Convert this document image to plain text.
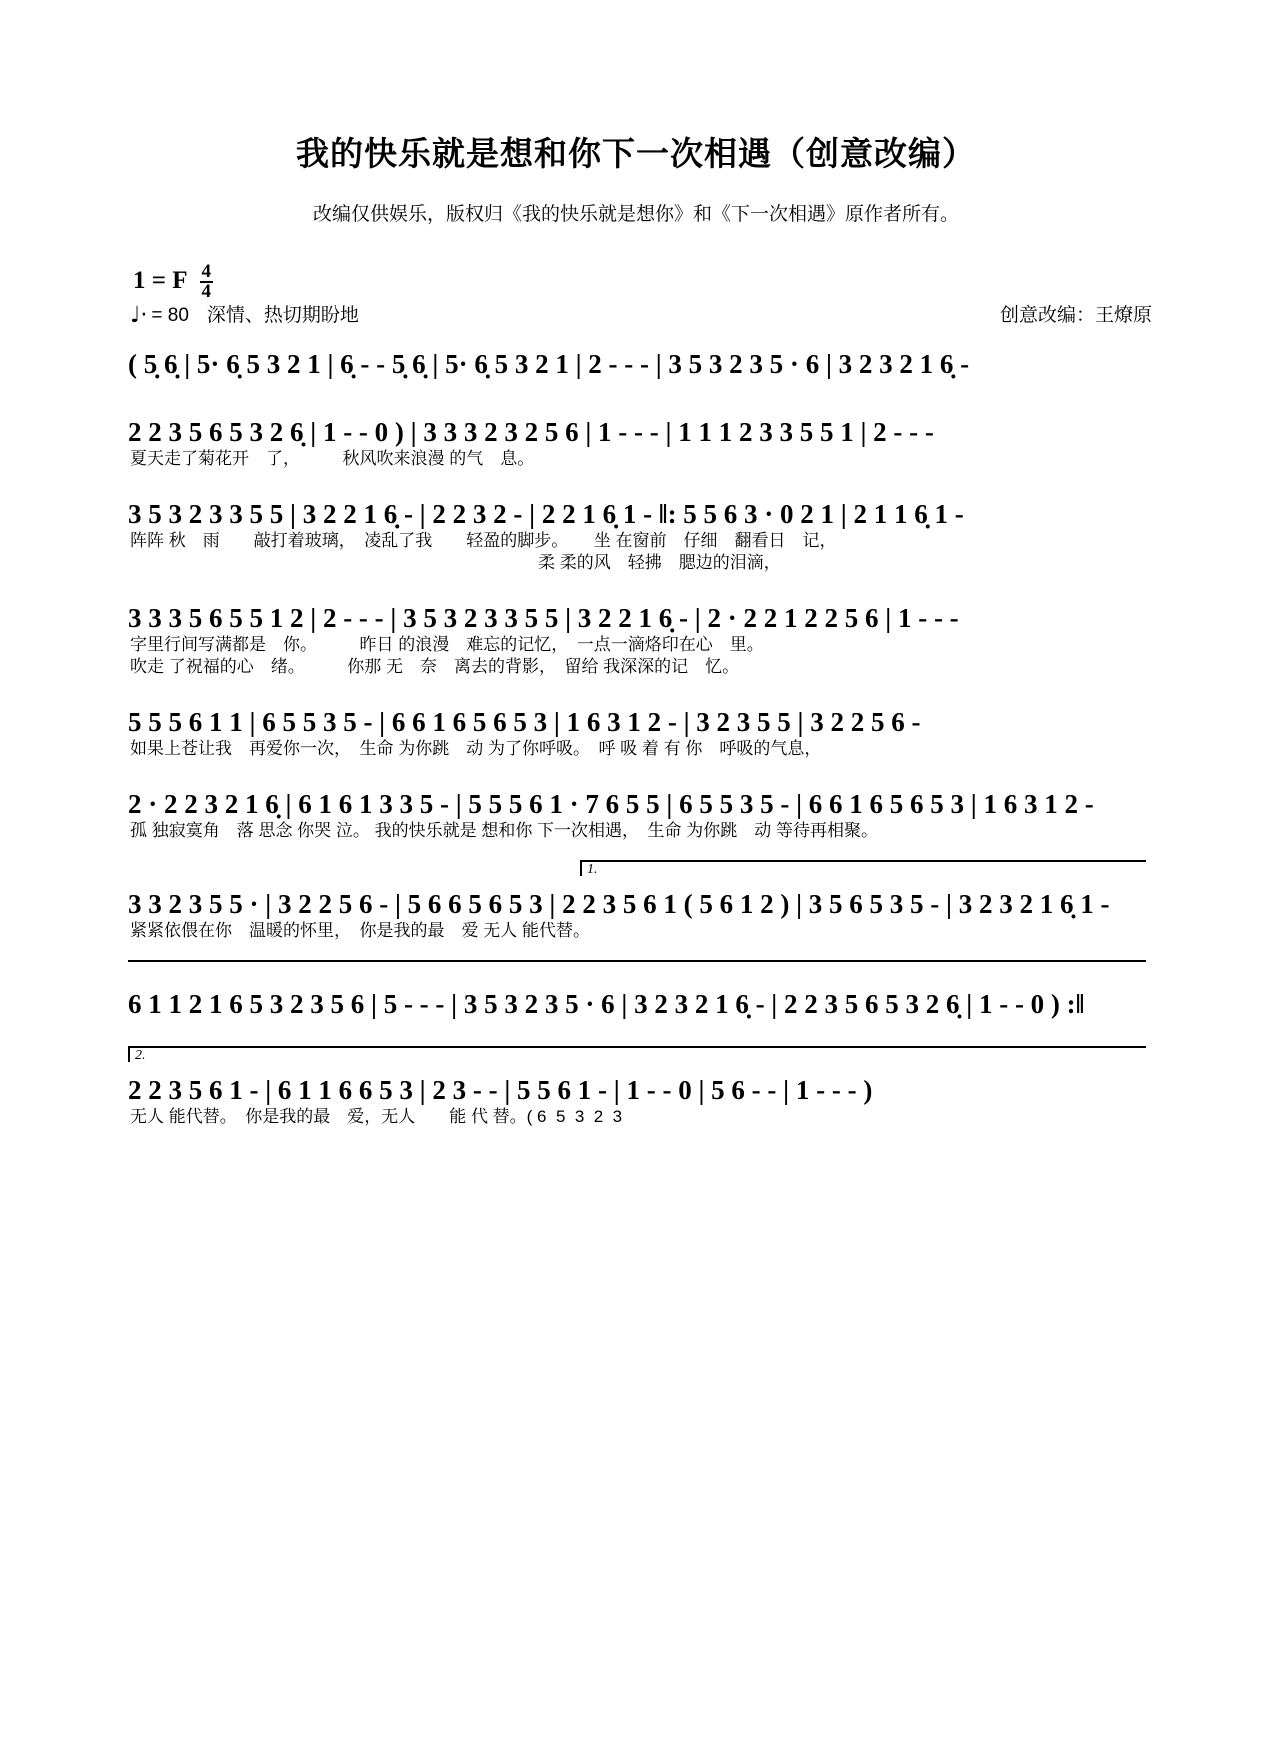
我的快乐就是想和你下一次相遇（创意改编）

改编仅供娱乐，版权归《我的快乐就是想你》和《下一次相遇》原作者所有。

1 = F $\frac{4}{4}$
♩· = 80 深情、热切期盼地	创意改编：王燎原
( 5̣ 6̣ | 5· 6̣ 5 3 2 1 | 6̣ - - 5̣ 6̣ | 5· 6̣ 5 3 2 1 | 2 - - - | 3 5 3 2 3 5 · 6 | 3 2 3 2 1 6̣ -
2 2 3 5 6 5 3 2 6̣ | 1 - - 0 ) | 3 3 3 2 3 2 5 6 | 1 - - - | 1 1 1 2 3 3 5 5 1 | 2 - - -
夏天走了菊花开　了，　　　秋风吹来浪漫 的气　息。
3 5 3 2 3 3 5 5 | 3 2 2 1 6̣ - | 2 2 3 2 - | 2 2 1 6̣ 1 - ‖: 5 5 6 3 · 0 2 1 | 2 1 1 6̣ 1 -
阵阵 秋　雨　　敲打着玻璃，　凌乱了我　　轻盈的脚步。　　坐 在窗前　仔细　翻看日　记，
　　　　　　　　　　　　　　　　　　　　　　　　柔 柔的风　轻拂　腮边的泪滴，
3 3 3 5 6 5 5 1 2 | 2 - - - | 3 5 3 2 3 3 5 5 | 3 2 2 1 6̣ - | 2 · 2 2 1 2 2 5 6 | 1 - - -
字里行间写满都是　你。　　　昨日 的浪漫　难忘的记忆，　一点一滴烙印在心　里。
吹走 了祝福的心　绪。　　　你那 无　奈　离去的背影，　留给 我深深的记　忆。
5 5 5 6 1 1 | 6 5 5 3 5 - | 6 6 1 6 5 6 5 3 | 1 6 3 1 2 - | 3 2 3 5 5 | 3 2 2 5 6 -
如果上苍让我　再爱你一次，　生命 为你跳　动 为了你呼吸。　呼 吸 着 有 你　呼吸的气息，
2 · 2 2 3 2 1 6̣ | 6 1 6 1 3 3 5 - | 5 5 5 6 1 · 7 6 5 5 | 6 5 5 3 5 - | 6 6 1 6 5 6 5 3 | 1 6 3 1 2 -
孤 独寂寞角　落 思念 你哭 泣。 我的快乐就是 想和你 下一次相遇，　生命 为你跳　动 等待再相聚。
1.
3 3 2 3 5 5 · | 3 2 2 5 6 - | 5 6 6 5 6 5 3 | 2 2 3 5 6 1 ( 5 6 1 2 ) | 3 5 6 5 3 5 - | 3 2 3 2 1 6̣ 1 -
紧紧依偎在你　温暖的怀里，　你是我的最　爱 无人 能代替。
6 1 1 2 1 6 5 3 2 3 5 6 | 5 - - - | 3 5 3 2 3 5 · 6 | 3 2 3 2 1 6̣ - | 2 2 3 5 6 5 3 2 6̣ | 1 - - 0 ) :‖
2.
2 2 3 5 6 1 - | 6 1 1 6 6 5 3 | 2 3 - - | 5 5 6 1 - | 1 - - 0 | 5 6 - - | 1 - - - )
无人 能代替。　你是我的最　爱，无人　　能 代 替。( 6  5  3  2  3
